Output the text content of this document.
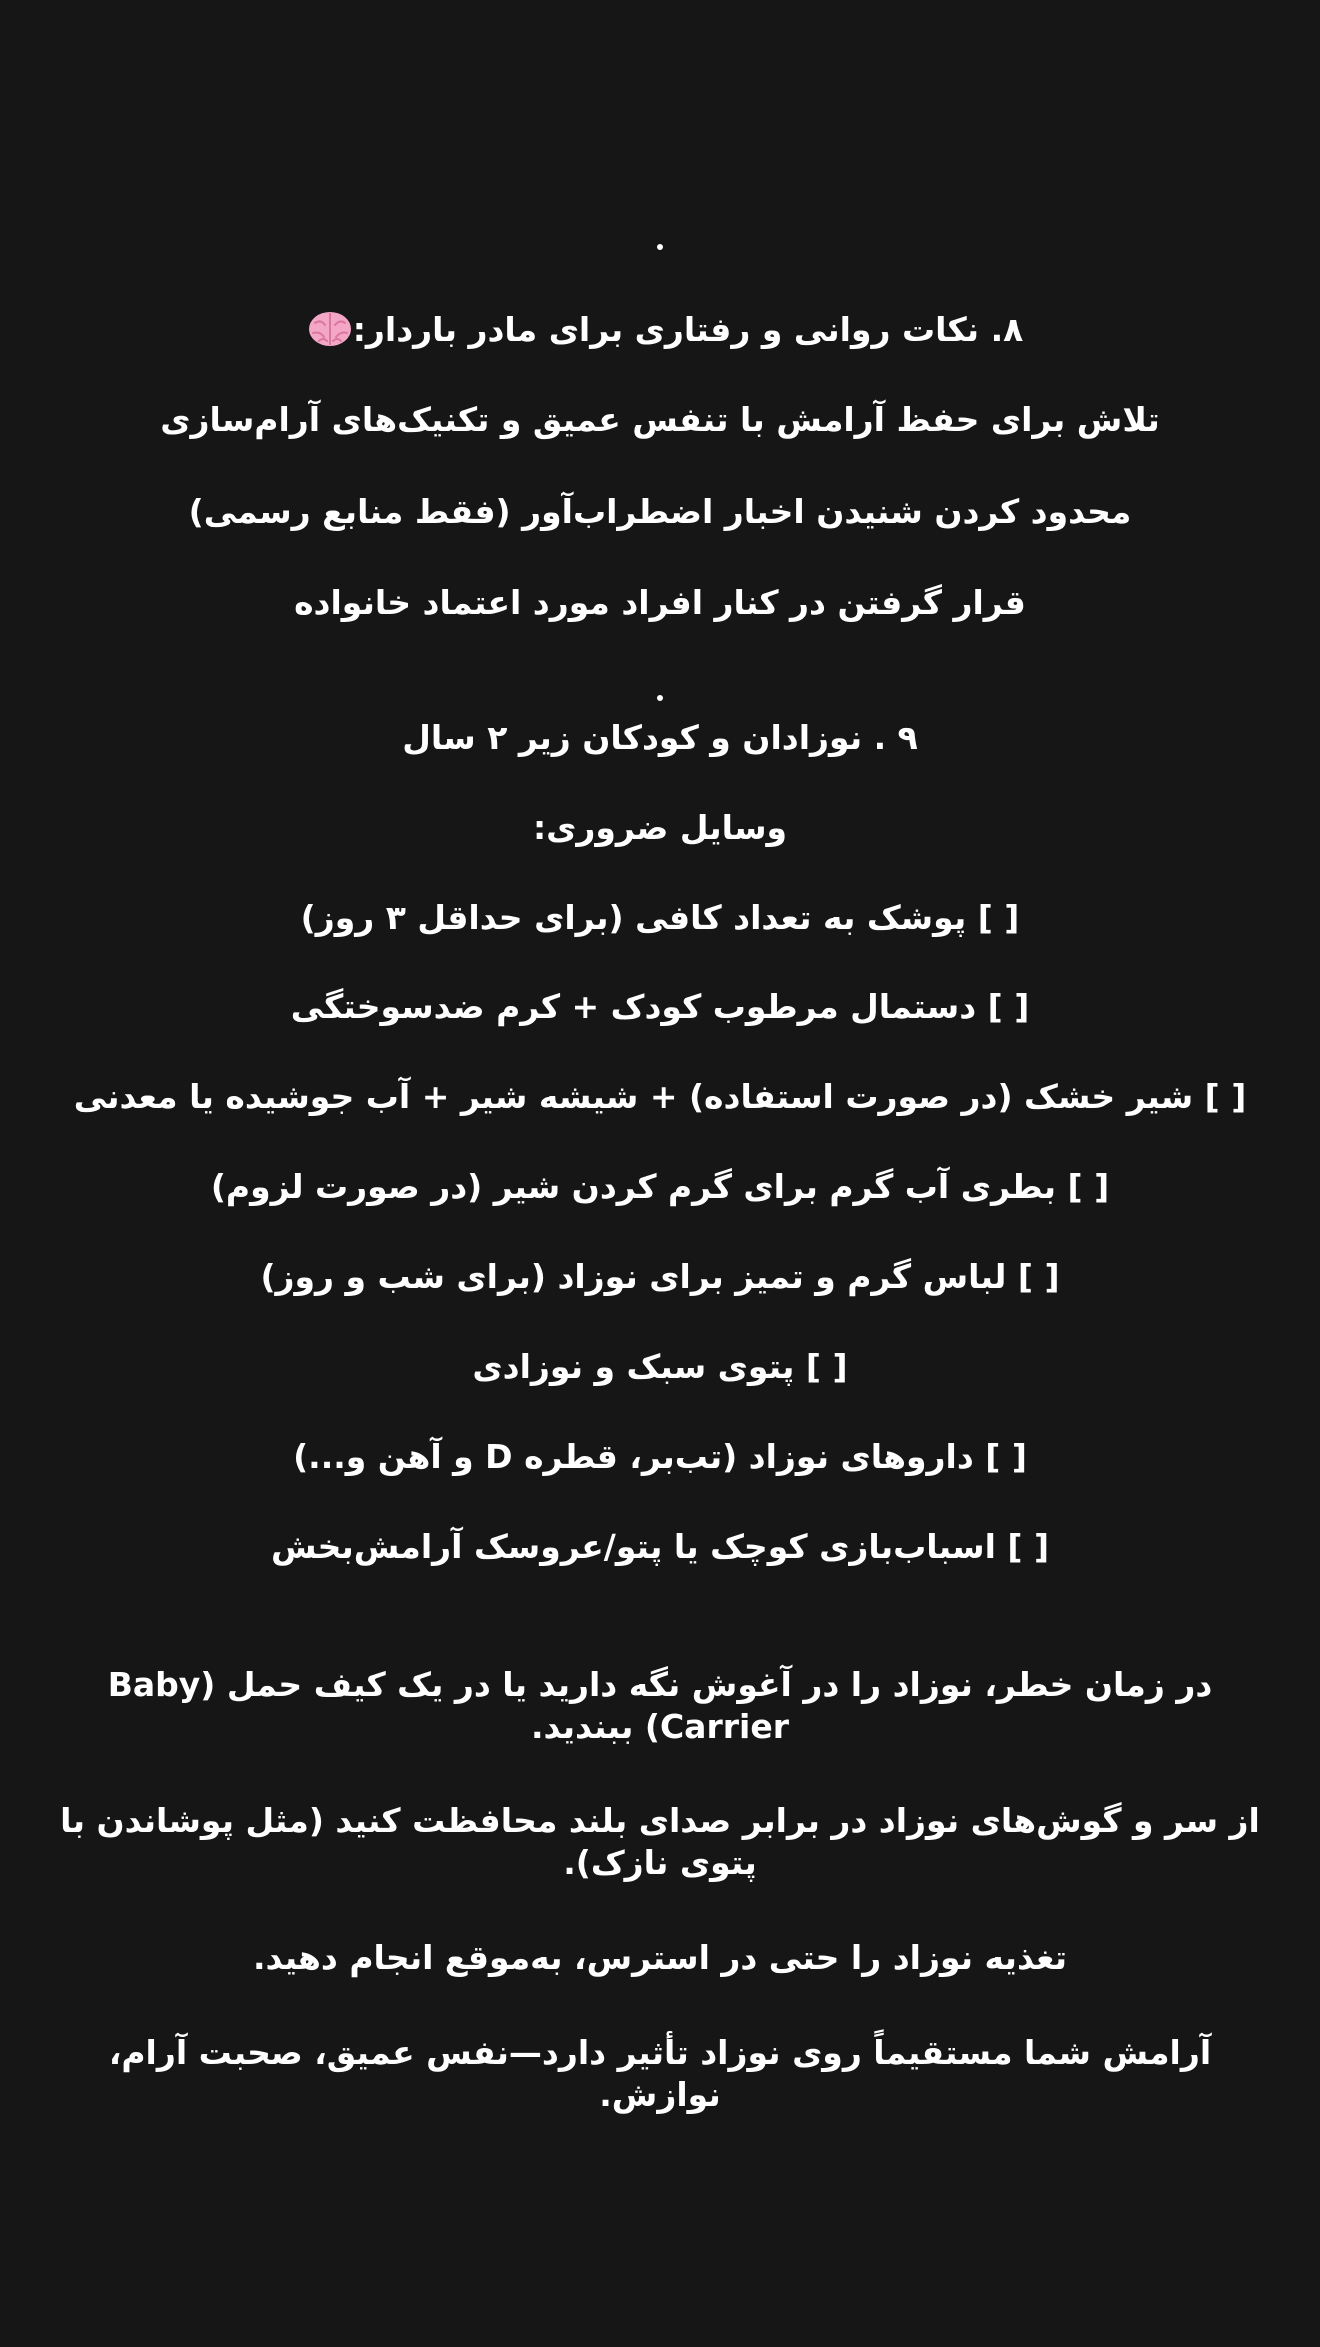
۸. نکات روانی و رفتاری برای مادر باردار:
تلاش برای حفظ آرامش با تنفس عمیق و تکنیک‌های آرام‌سازی
محدود کردن شنیدن اخبار اضطراب‌آور (فقط منابع رسمی)
قرار گرفتن در کنار افراد مورد اعتماد خانواده
۹ . نوزادان و کودکان زیر ۲ سال
وسایل ضروری:
[ ] پوشک به تعداد کافی (برای حداقل ۳ روز)
[ ] دستمال مرطوب کودک + کرم ضدسوختگی
[ ] شیر خشک (در صورت استفاده) + شیشه شیر + آب جوشیده یا معدنی
[ ] بطری آب گرم برای گرم کردن شیر (در صورت لزوم)
[ ] لباس گرم و تمیز برای نوزاد (برای شب و روز)
[ ] پتوی سبک و نوزادی
[ ] داروهای نوزاد (تب‌بر، قطره D و آهن و...)
[ ] اسباب‌بازی کوچک یا پتو/عروسک آرامش‌بخش
در زمان خطر، نوزاد را در آغوش نگه دارید یا در یک کیف حمل (Baby Carrier) ببندید.
از سر و گوش‌های نوزاد در برابر صدای بلند محافظت کنید (مثل پوشاندن با پتوی نازک).
تغذیه نوزاد را حتی در استرس، به‌موقع انجام دهید.
آرامش شما مستقیماً روی نوزاد تأثیر دارد—نفس عمیق، صحبت آرام، نوازش.
